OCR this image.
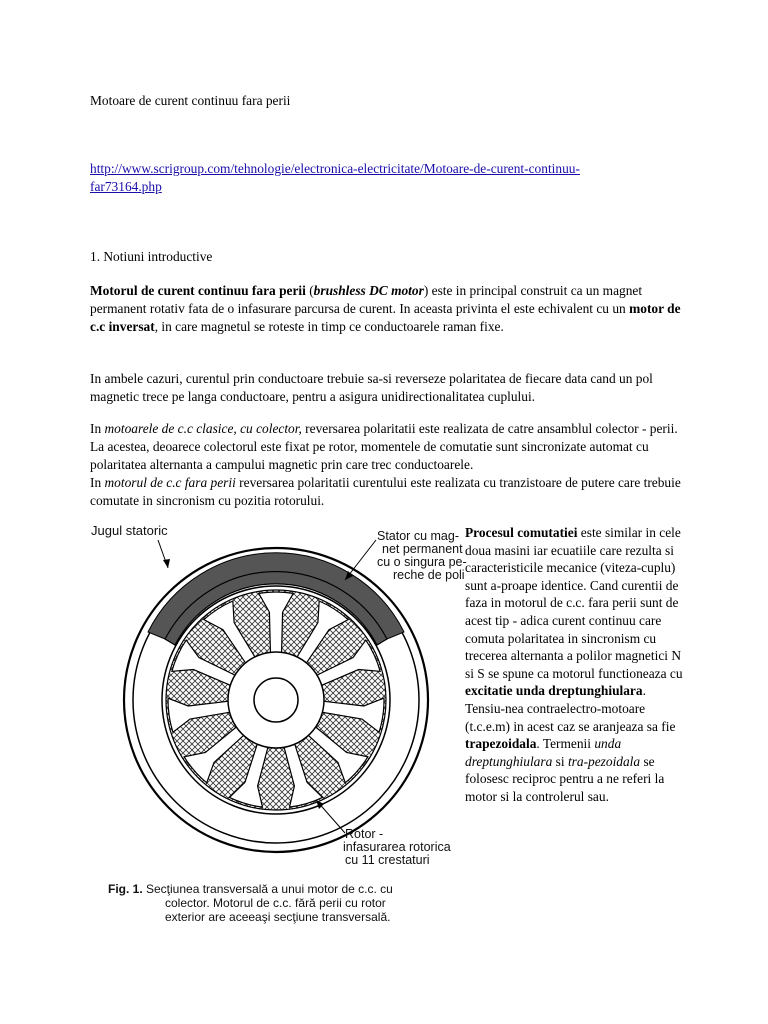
Motoare de curent continuu fara perii

http://www.scrigroup.com/tehnologie/electronica-electricitate/Motoare-de-curent-continuu-
far73164.php

1. Notiuni introductive

Motorul de curent continuu fara perii (brushless DC motor) este in principal construit ca un magnet permanent rotativ fata de o infasurare parcursa de curent. In aceasta privinta el este echivalent cu un motor de c.c inversat, in care magnetul se roteste in timp ce conductoarele raman fixe.

In ambele cazuri, curentul prin conductoare trebuie sa-si reverseze polaritatea de fiecare data cand un pol magnetic trece pe langa conductoare, pentru a asigura unidirectionalitatea cuplului.

In motoarele de c.c clasice, cu colector, reversarea polaritatii este realizata de catre ansamblul colector - perii. La acestea, deoarece colectorul este fixat pe rotor, momentele de comutatie sunt sincronizate automat cu polaritatea alternanta a campului magnetic prin care trec conductoarele.
In motorul de c.c fara perii reversarea polaritatii curentului este realizata cu tranzistoare de putere care trebuie comutate in sincronism cu pozitia rotorului.

Jugul statoric	Stator cu mag-
net permanent
cu o singura pe-
reche de poli
Rotor -
infasurarea rotorica
cu 11 crestaturi
Fig. 1. Secţiunea transversală a unui motor de c.c. cu
colector. Motorul de c.c. fără perii cu rotor
exterior are aceeaşi secţiune transversală.
Procesul comutatiei este similar in cele doua masini iar ecuatiile care rezulta si caracteristicile mecanice (viteza-cuplu) sunt a-proape identice. Cand curentii de faza in motorul de c.c. fara perii sunt de acest tip - adica curent continuu care comuta polaritatea in sincronism cu trecerea alternanta a polilor magnetici N si S se spune ca motorul functioneaza cu excitatie unda dreptunghiulara. Tensiu-nea contraelectro-motoare (t.c.e.m) in acest caz se aranjeaza sa fie trapezoidala. Termenii unda dreptunghiulara si tra-pezoidala se folosesc reciproc pentru a ne referi la motor si la controlerul sau.
